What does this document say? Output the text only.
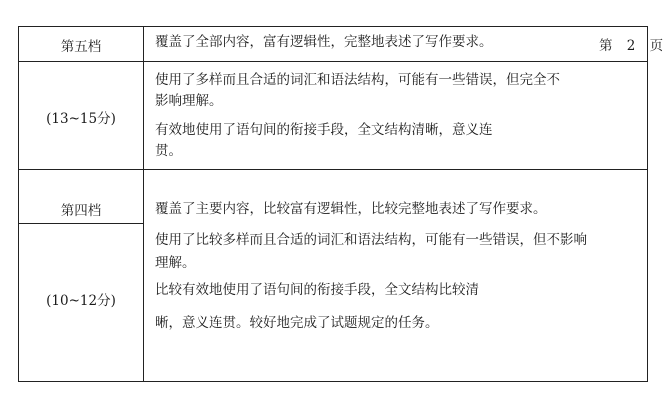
第五档
(13~15分)
覆盖了全部内容，富有逻辑性，完整地表述了写作要求。
使用了多样而且合适的词汇和语法结构，可能有一些错误，但完全不
影响理解。
有效地使用了语句间的衔接手段，全文结构清晰，意义连
贯。
第四档
(10~12分)
覆盖了主要内容，比较富有逻辑性，比较完整地表述了写作要求。
使用了比较多样而且合适的词汇和语法结构，可能有一些错误，但不影响
理解。
比较有效地使用了语句间的衔接手段，全文结构比较清
晰，意义连贯。较好地完成了试题规定的任务。
第 2 页
